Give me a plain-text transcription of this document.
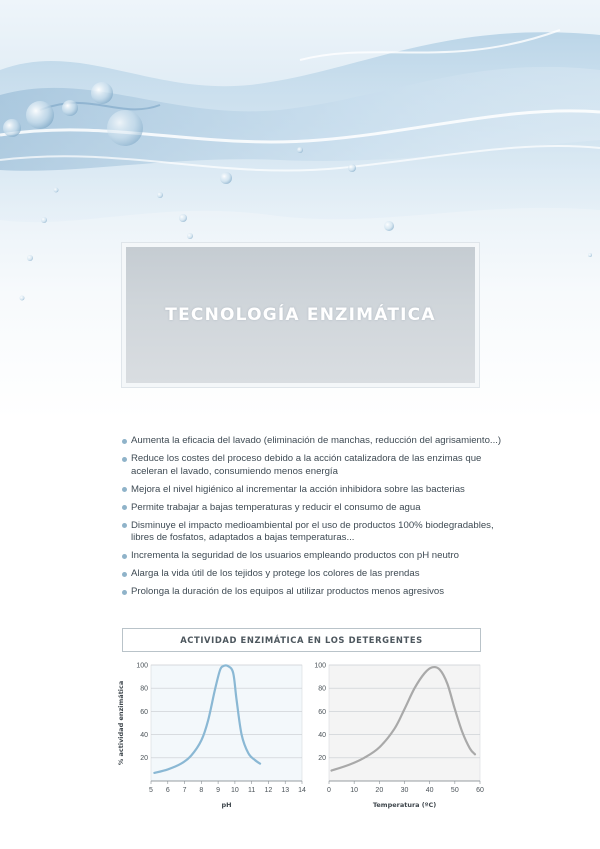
TECNOLOGÍA ENZIMÁTICA
Aumenta la eficacia del lavado (eliminación de manchas, reducción del agrisamiento...)
Reduce los costes del proceso debido a la acción catalizadora de las enzimas que aceleran el lavado, consumiendo menos energía
Mejora el nivel higiénico al incrementar la acción inhibidora sobre las bacterias
Permite trabajar a bajas temperaturas y reducir el consumo de agua
Disminuye el impacto medioambiental por el uso de productos 100% biodegradables, libres de fosfatos, adaptados a bajas temperaturas...
Incrementa la seguridad de los usuarios empleando productos con pH neutro
Alarga la vida útil de los tejidos y protege los colores de las prendas
Prolonga la duración de los equipos al utilizar productos menos agresivos
ACTIVIDAD ENZIMÁTICA EN LOS DETERGENTES
20
40
60
80
100
5 6 7 8 9 10 11 12 13 14
pH
% actividad enzimática	20
40
60
80
100
0	10 20 30 40 50 60
Temperatura (ºC)
